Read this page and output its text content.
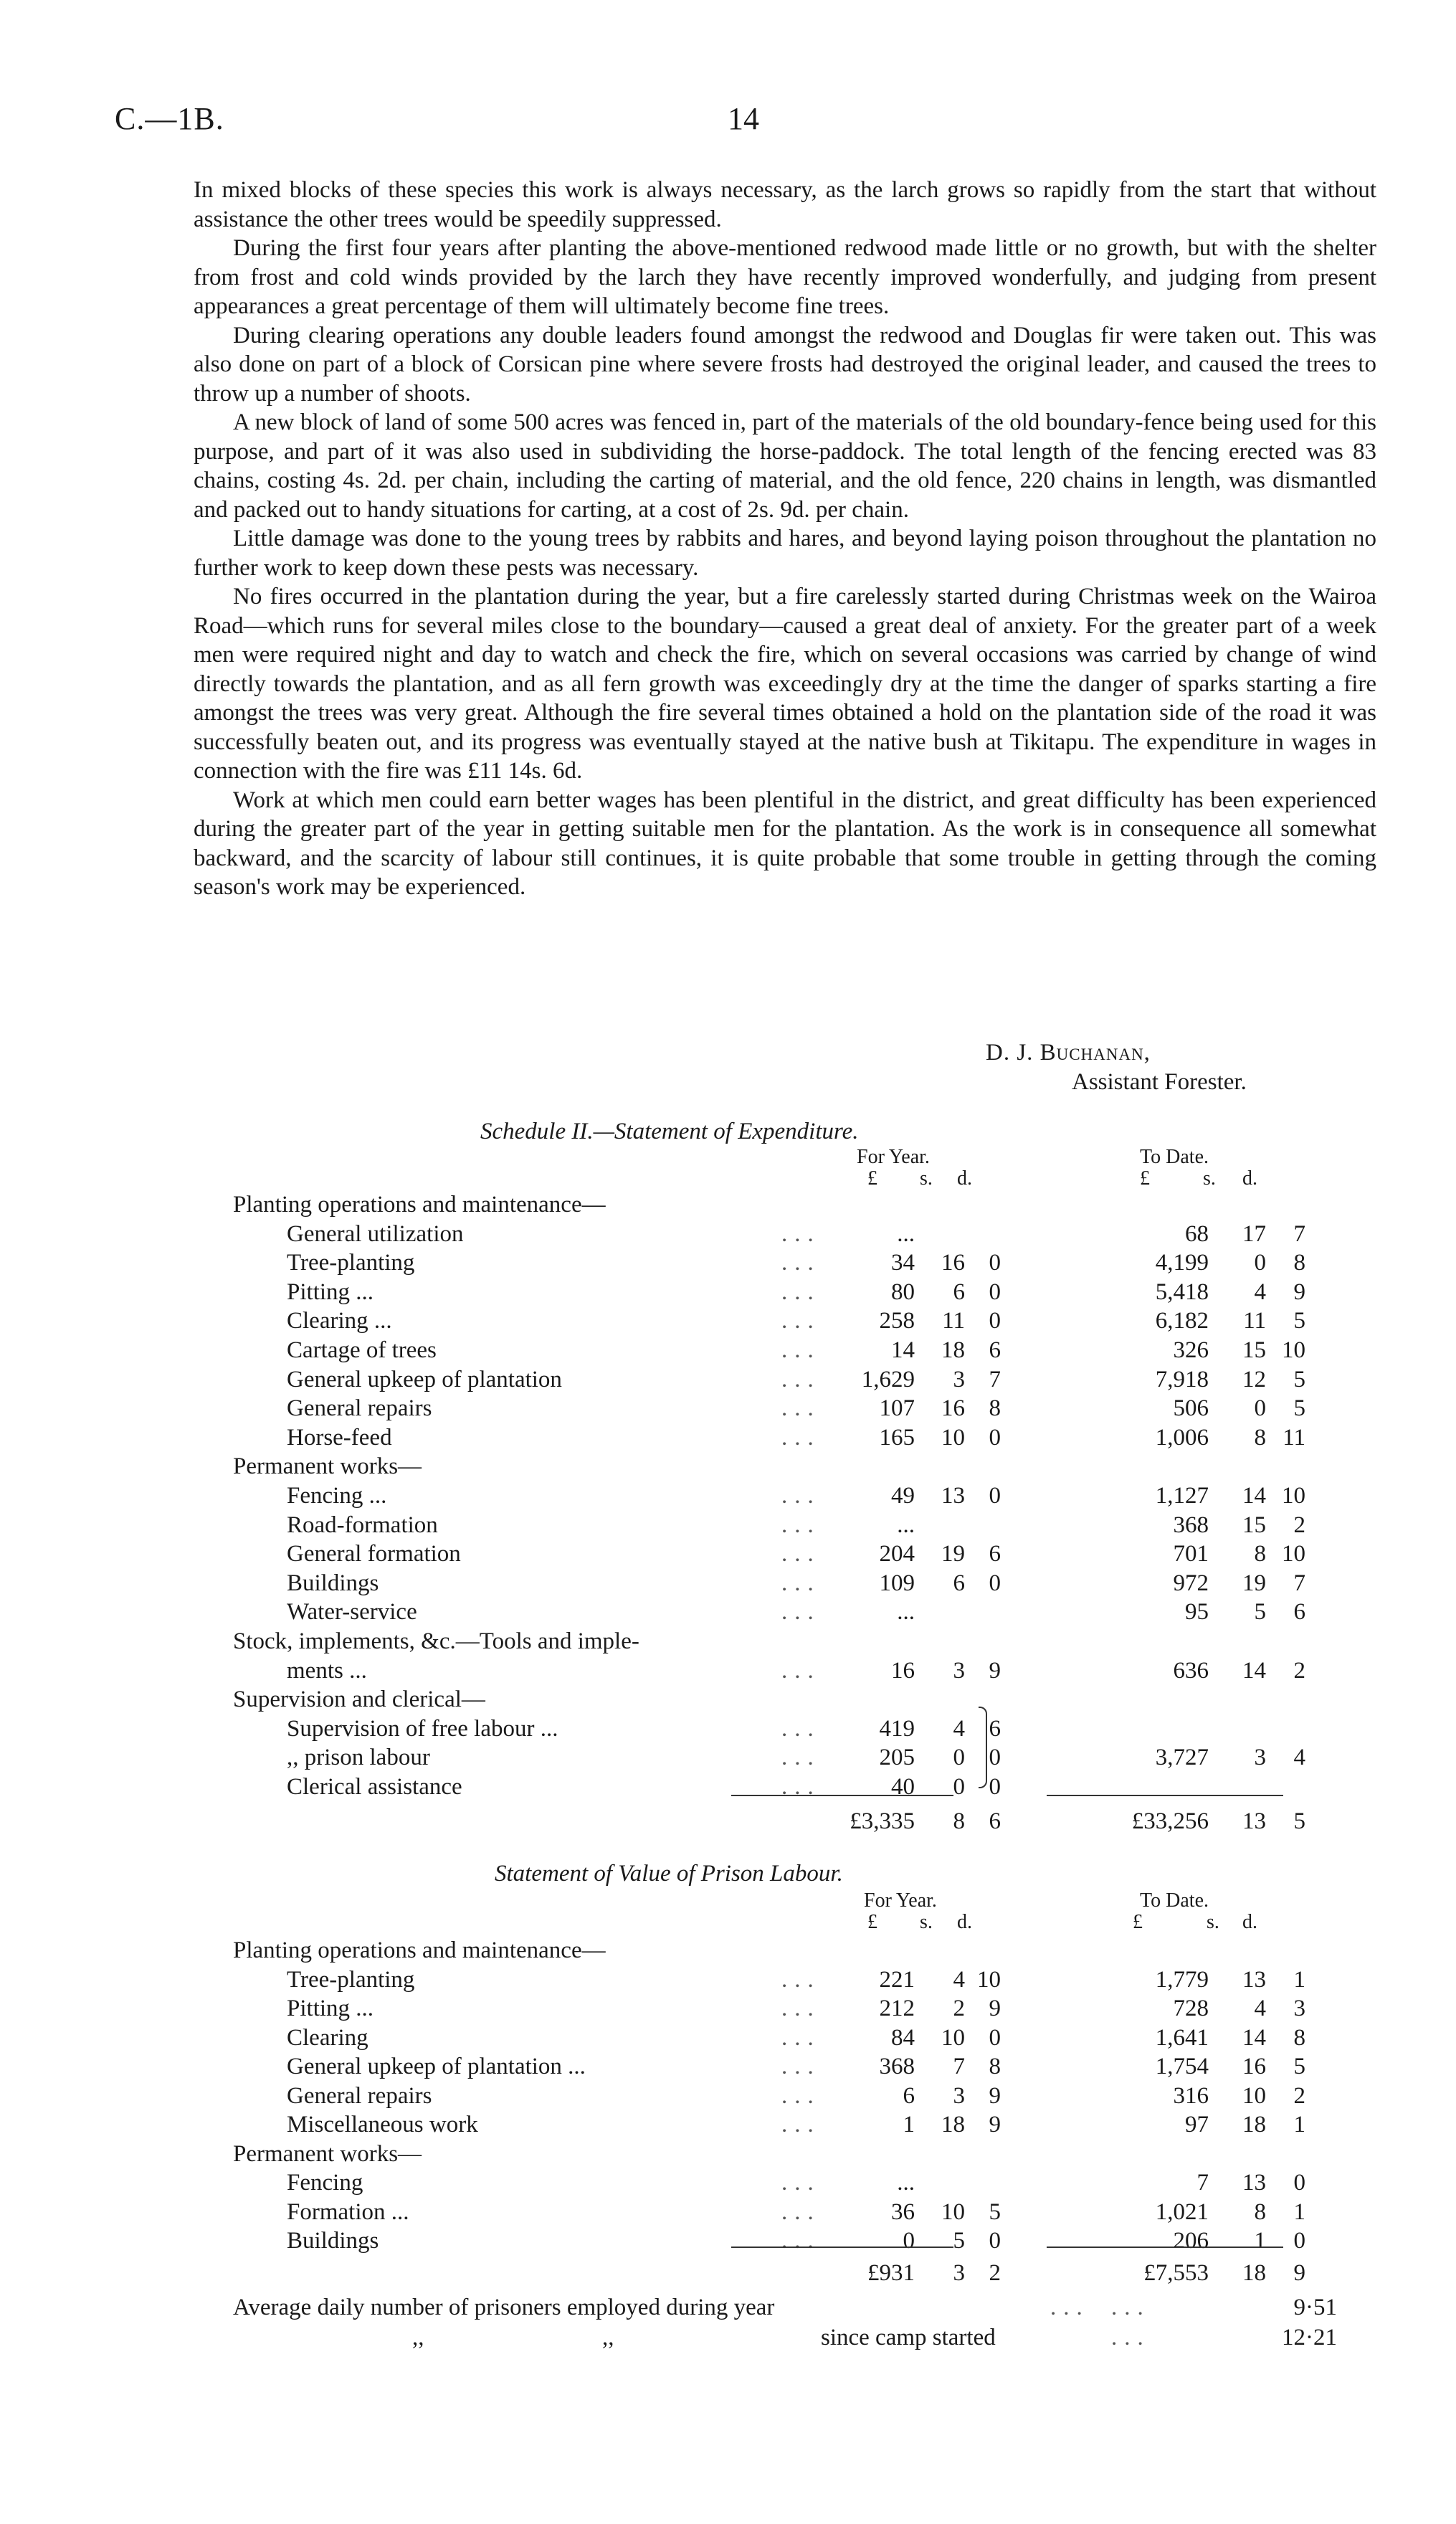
C.—1B.	14

In mixed blocks of these species this work is always necessary, as the larch grows so rapidly from the start that without assistance the other trees would be speedily suppressed.

During the first four years after planting the above-mentioned redwood made little or no growth, but with the shelter from frost and cold winds provided by the larch they have recently improved wonderfully, and judging from present appearances a great percentage of them will ultimately become fine trees.

During clearing operations any double leaders found amongst the redwood and Douglas fir were taken out. This was also done on part of a block of Corsican pine where severe frosts had destroyed the original leader, and caused the trees to throw up a number of shoots.

A new block of land of some 500 acres was fenced in, part of the materials of the old boundary-fence being used for this purpose, and part of it was also used in subdividing the horse-paddock. The total length of the fencing erected was 83 chains, costing 4s. 2d. per chain, including the carting of material, and the old fence, 220 chains in length, was dismantled and packed out to handy situations for carting, at a cost of 2s. 9d. per chain.

Little damage was done to the young trees by rabbits and hares, and beyond laying poison throughout the plantation no further work to keep down these pests was necessary.

No fires occurred in the plantation during the year, but a fire carelessly started during Christmas week on the Wairoa Road—which runs for several miles close to the boundary—caused a great deal of anxiety. For the greater part of a week men were required night and day to watch and check the fire, which on several occasions was carried by change of wind directly towards the plantation, and as all fern growth was exceedingly dry at the time the danger of sparks starting a fire amongst the trees was very great. Although the fire several times obtained a hold on the plantation side of the road it was successfully beaten out, and its progress was eventually stayed at the native bush at Tikitapu. The expenditure in wages in connection with the fire was £11 14s. 6d.

Work at which men could earn better wages has been plentiful in the district, and great difficulty has been experienced during the greater part of the year in getting suitable men for the plantation. As the work is in consequence all somewhat backward, and the scarcity of labour still continues, it is quite probable that some trouble in getting through the coming season's work may be experienced.

D. J. Buchanan,
Assistant Forester.
Schedule II.—Statement of Expenditure.
For Year.	To Date.
£ s. d.	£	s. d.
Planting operations and maintenance—
General utilization	...	...	68	17	7
Tree-planting	...	34	16	0	4,199	0	8
Pitting ...	...	80	6	0	5,418	4	9
Clearing ...	...	258	11	0	6,182	11	5
Cartage of trees	...	14	18	6	326	15 10
General upkeep of plantation	...	1,629	3	7	7,918	12	5
General repairs	...	107	16	8	506	0	5
Horse-feed	...	165	10	0	1,006	8 11
Permanent works—
Fencing ...	...	49	13	0	1,127	14 10
Road-formation	...	...	368	15	2
General formation	...	204	19	6	701	8 10
Buildings	...	109	6	0	972	19	7
Water-service	...	...	95	5	6
Stock, implements, &c.—Tools and imple-
ments ...	...	16	3	9	636	14	2
Supervision and clerical—
Supervision of free labour ...	...	419	4	6
,, prison labour	...	205	0	0	3,727	3	4
Clerical assistance	...	40	0	0
£3,335	8	6	£33,256	13	5
Statement of Value of Prison Labour.
For Year.	To Date.
£ s. d.	£	s. d.
Planting operations and maintenance—
Tree-planting	...	221	4 10	1,779	13	1
Pitting ...	...	212	2	9	728	4	3
Clearing	...	84	10	0	1,641	14	8
General upkeep of plantation ...	...	368	7	8	1,754	16	5
General repairs	...	6	3	9	316	10	2
Miscellaneous work	...	1	18	9	97	18	1
Permanent works—
Fencing	...	...	7	13	0
Formation ...	...	36	10	5	1,021	8	1
Buildings	...	0	5	0	206	1	0
£931	3	2	£7,553	18	9
Average daily number of prisoners employed during year	... ...	9·51
,,	,,	since camp started	...	12·21
